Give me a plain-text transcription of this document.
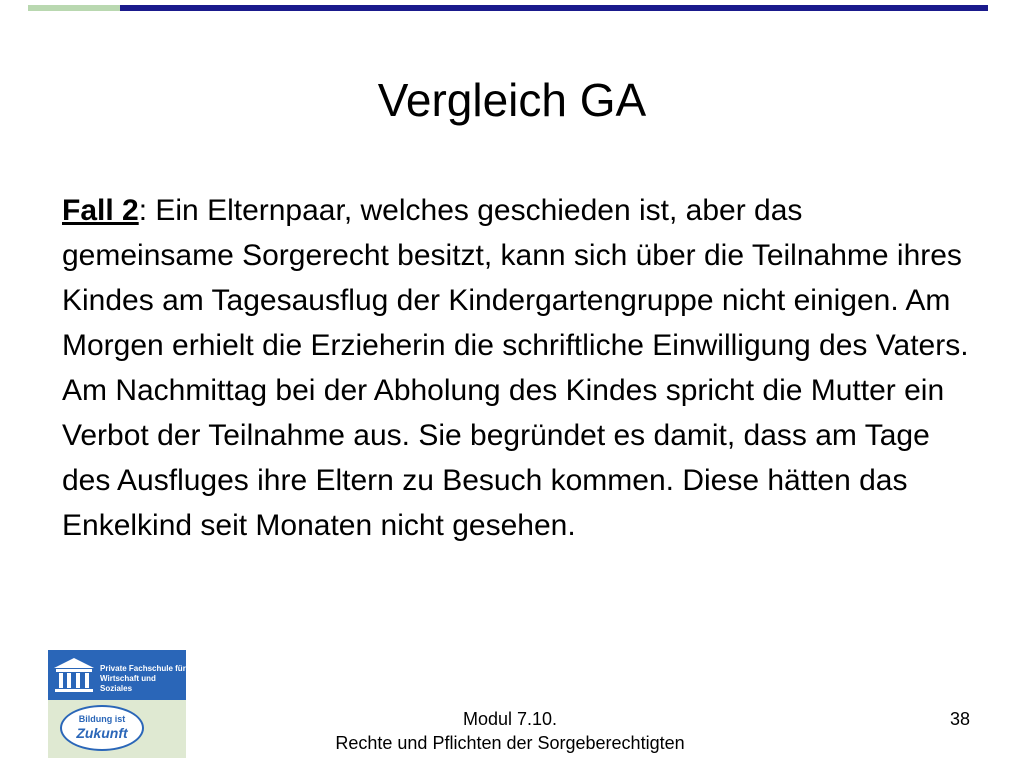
Vergleich GA

Fall 2: Ein Elternpaar, welches geschieden ist, aber das gemeinsame Sorgerecht besitzt, kann sich über die Teilnahme ihres Kindes am Tagesausflug der Kindergartengruppe nicht einigen. Am Morgen erhielt die Erzieherin die schriftliche Einwilligung des Vaters. Am Nachmittag bei der Abholung des Kindes spricht die Mutter ein Verbot der Teilnahme aus. Sie begründet es damit, dass am Tage des Ausfluges ihre Eltern zu Besuch kommen. Diese hätten das Enkelkind seit Monaten nicht gesehen.

Private Fachschule für
Wirtschaft und Soziales
Bildung ist
Zukunft
Modul 7.10.
Rechte und Pflichten der Sorgeberechtigten
38
